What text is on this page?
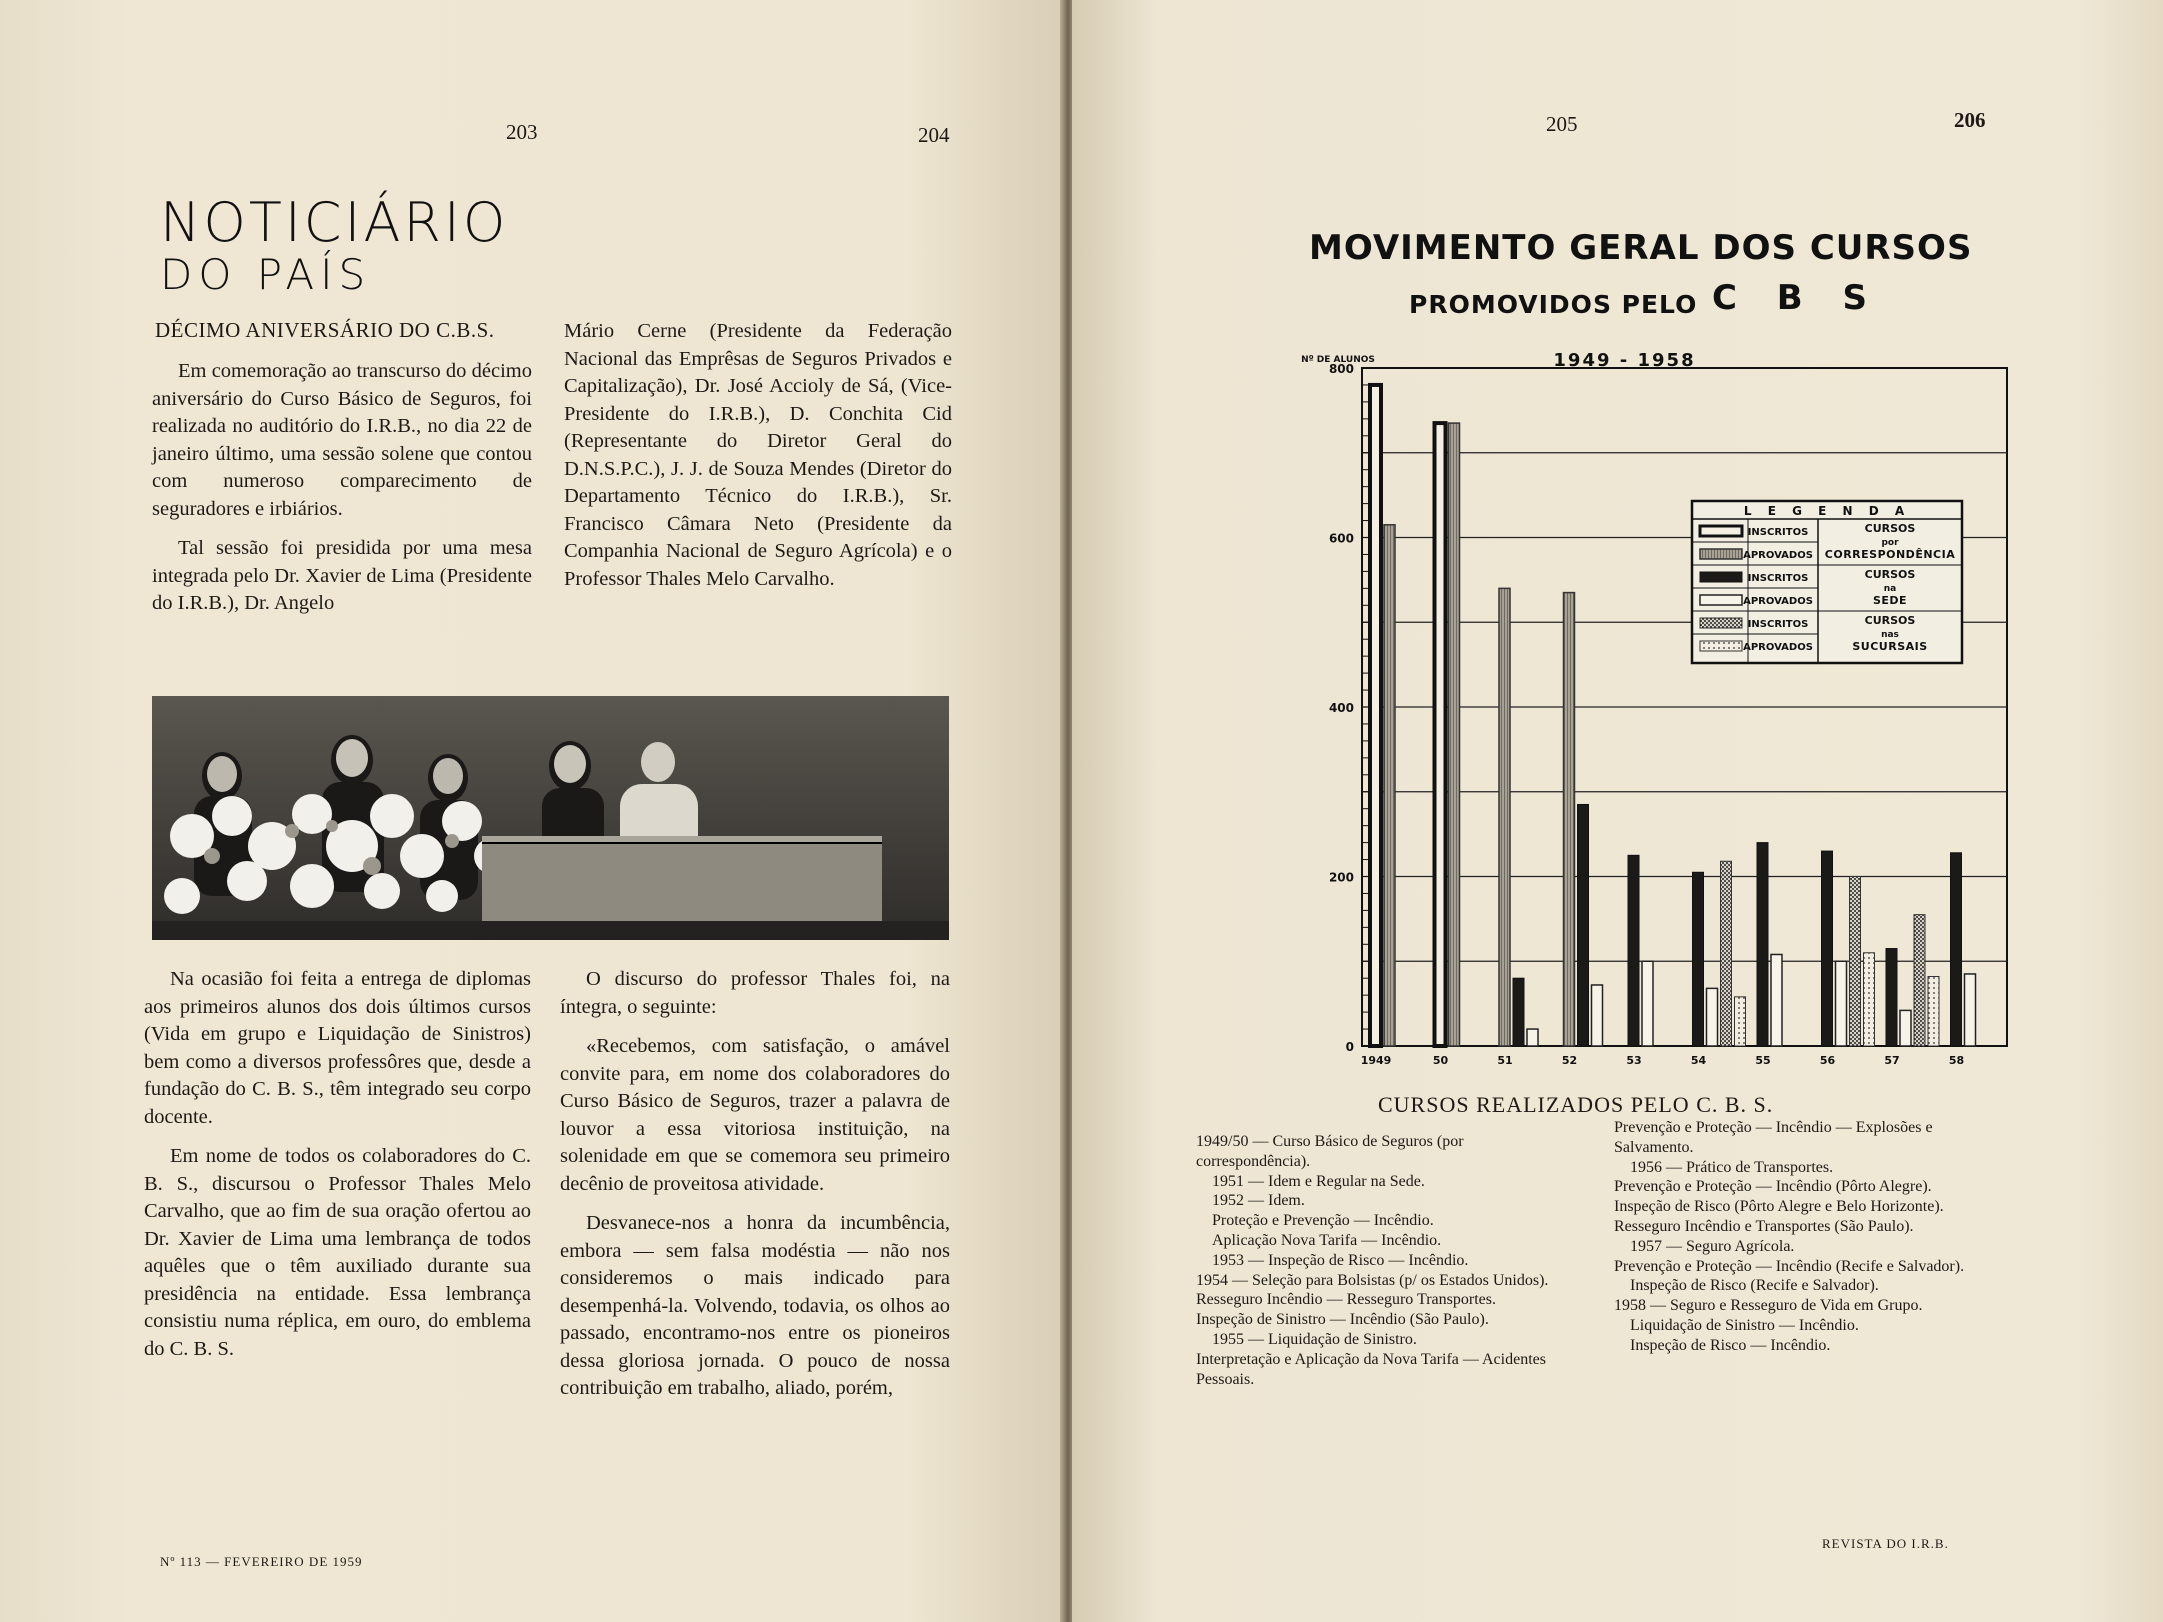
203	204
NOTICIÁRIO
DO PAÍS
DÉCIMO ANIVERSÁRIO DO C.B.S.

Em comemoração ao transcurso do décimo aniversário do Curso Básico de Seguros, foi realizada no auditório do I.R.B., no dia 22 de janeiro último, uma sessão solene que contou com numeroso comparecimento de seguradores e irbiários.

Tal sessão foi presidida por uma mesa integrada pelo Dr. Xavier de Lima (Presidente do I.R.B.), Dr. Angelo

Mário Cerne (Presidente da Federação Nacional das Emprêsas de Seguros Privados e Capitalização), Dr. José Accioly de Sá, (Vice-Presidente do I.R.B.), D. Conchita Cid (Representante do Diretor Geral do D.N.S.P.C.), J. J. de Souza Mendes (Diretor do Departamento Técnico do I.R.B.), Sr. Francisco Câmara Neto (Presidente da Companhia Nacional de Seguro Agrícola) e o Professor Thales Melo Carvalho.

Na ocasião foi feita a entrega de diplomas aos primeiros alunos dos dois últimos cursos (Vida em grupo e Liquidação de Sinistros) bem como a diversos professôres que, desde a fundação do C. B. S., têm integrado seu corpo docente.

Em nome de todos os colaboradores do C. B. S., discursou o Professor Thales Melo Carvalho, que ao fim de sua oração ofertou ao Dr. Xavier de Lima uma lembrança de todos aquêles que o têm auxiliado durante sua presidência na entidade. Essa lembrança consistiu numa réplica, em ouro, do emblema do C. B. S.

O discurso do professor Thales foi, na íntegra, o seguinte:

«Recebemos, com satisfação, o amável convite para, em nome dos colaboradores do Curso Básico de Seguros, trazer a palavra de louvor a essa vitoriosa instituição, na solenidade em que se comemora seu primeiro decênio de proveitosa atividade.

Desvanece-nos a honra da incumbência, embora — sem falsa modéstia — não nos consideremos o mais indicado para desempenhá-la. Volvendo, todavia, os olhos ao passado, encontramo-nos entre os pioneiros dessa gloriosa jornada. O pouco de nossa contribuição em trabalho, aliado, porém,

Nº 113 — FEVEREIRO DE 1959
205	206
MOVIMENTO GERAL DOS CURSOS
PROMOVIDOS PELO C B S
0
200
400
600
800
Nº DE ALUNOS	1949 - 1958
1949	50	51	52	53	54	55	56	57	58
L E G E N D A
INSCRITOS
APROVADOS
INSCRITOS
APROVADOS
INSCRITOS
APROVADOS
CURSOS
por
CORRESPONDÊNCIA
CURSOS
na
SEDE
CURSOS
nas
SUCURSAIS
CURSOS REALIZADOS PELO C. B. S.
1949/50 — Curso Básico de Seguros (por correspondência).
1951 — Idem e Regular na Sede.
1952 — Idem.
Proteção e Prevenção — Incêndio.
Aplicação Nova Tarifa — Incêndio.
1953 — Inspeção de Risco — Incêndio.
1954 — Seleção para Bolsistas (p/ os Estados Unidos).
Resseguro Incêndio — Resseguro Transportes.
Inspeção de Sinistro — Incêndio (São Paulo).
1955 — Liquidação de Sinistro.
Interpretação e Aplicação da Nova Tarifa — Acidentes Pessoais.
Prevenção e Proteção — Incêndio — Explosões e Salvamento.
1956 — Prático de Transportes.
Prevenção e Proteção — Incêndio (Pôrto Alegre).
Inspeção de Risco (Pôrto Alegre e Belo Horizonte).
Resseguro Incêndio e Transportes (São Paulo).
1957 — Seguro Agrícola.
Prevenção e Proteção — Incêndio (Recife e Salvador).
Inspeção de Risco (Recife e Salvador).
1958 — Seguro e Resseguro de Vida em Grupo.
Liquidação de Sinistro — Incêndio.
Inspeção de Risco — Incêndio.
REVISTA DO I.R.B.
